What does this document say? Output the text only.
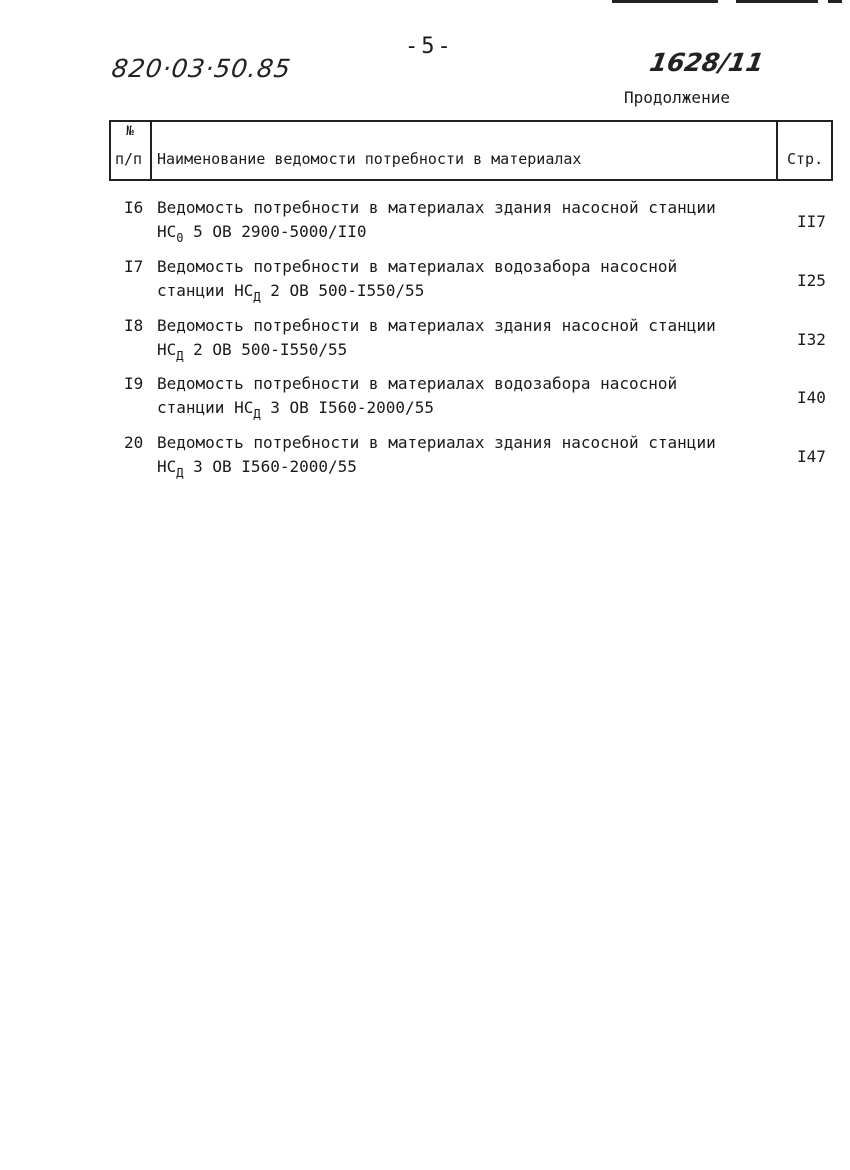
820·03·50.85
-5-
1628/11
Продолжение
№
п/п Наименование ведомости потребности в материалах	Стр.
I6 Ведомость потребности в материалах здания насосной станции
$НС_0$ 5 ОВ 2900-5000/II0
II7
I7 Ведомость потребности в материалах водозабора насосной
станции $НС_Д$ 2 ОВ 500-I550/55
I25
I8 Ведомость потребности в материалах здания насосной станции
$НС_Д$ 2 ОВ 500-I550/55
I32
I9 Ведомость потребности в материалах водозабора насосной
станции $НС_Д$ 3 ОВ I560-2000/55
I40
20 Ведомость потребности в материалах здания насосной станции
$НС_Д$ 3 ОВ I560-2000/55
I47
